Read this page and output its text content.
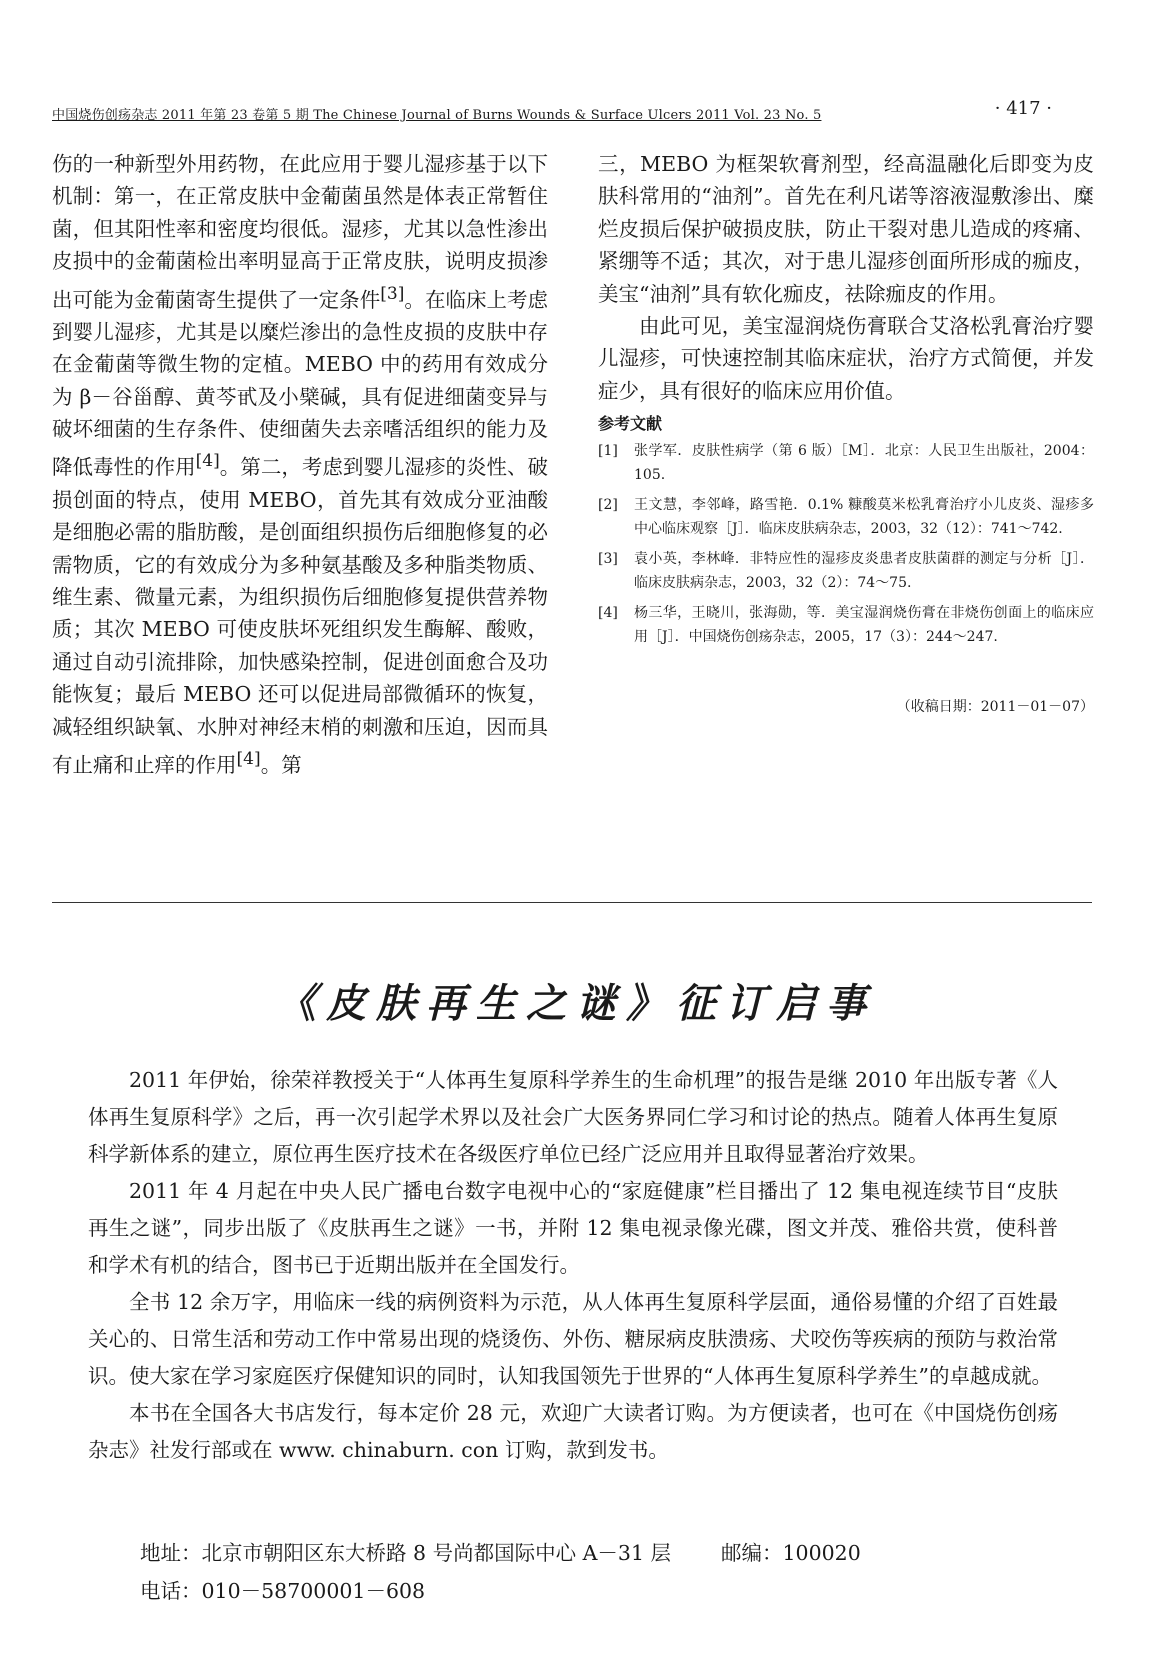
中国烧伤创疡杂志 2011 年第 23 卷第 5 期 The Chinese Journal of Burns Wounds & Surface Ulcers 2011 Vol. 23 No. 5	· 417 ·

伤的一种新型外用药物，在此应用于婴儿湿疹基于以下机制：第一，在正常皮肤中金葡菌虽然是体表正常暂住菌，但其阳性率和密度均很低。湿疹，尤其以急性渗出皮损中的金葡菌检出率明显高于正常皮肤，说明皮损渗出可能为金葡菌寄生提供了一定条件[3]。在临床上考虑到婴儿湿疹，尤其是以糜烂渗出的急性皮损的皮肤中存在金葡菌等微生物的定植。MEBO 中的药用有效成分为 β－谷甾醇、黄芩甙及小檗碱，具有促进细菌变异与破坏细菌的生存条件、使细菌失去亲嗜活组织的能力及降低毒性的作用[4]。第二，考虑到婴儿湿疹的炎性、破损创面的特点，使用 MEBO，首先其有效成分亚油酸是细胞必需的脂肪酸，是创面组织损伤后细胞修复的必需物质，它的有效成分为多种氨基酸及多种脂类物质、维生素、微量元素，为组织损伤后细胞修复提供营养物质；其次 MEBO 可使皮肤坏死组织发生酶解、酸败，通过自动引流排除，加快感染控制，促进创面愈合及功能恢复；最后 MEBO 还可以促进局部微循环的恢复，减轻组织缺氧、水肿对神经末梢的刺激和压迫，因而具有止痛和止痒的作用[4]。第

三，MEBO 为框架软膏剂型，经高温融化后即变为皮肤科常用的“油剂”。首先在利凡诺等溶液湿敷渗出、糜烂皮损后保护破损皮肤，防止干裂对患儿造成的疼痛、紧绷等不适；其次，对于患儿湿疹创面所形成的痂皮，美宝“油剂”具有软化痂皮，祛除痂皮的作用。

由此可见，美宝湿润烧伤膏联合艾洛松乳膏治疗婴儿湿疹，可快速控制其临床症状，治疗方式简便，并发症少，具有很好的临床应用价值。

参考文献
[1]	张学军．皮肤性病学（第 6 版）［M］．北京：人民卫生出版社，2004：105.
[2]	王文慧，李邻峰，路雪艳．0.1% 糠酸莫米松乳膏治疗小儿皮炎、湿疹多中心临床观察［J］．临床皮肤病杂志，2003，32（12）：741～742.
[3]	袁小英，李林峰．非特应性的湿疹皮炎患者皮肤菌群的测定与分析［J］．临床皮肤病杂志，2003，32（2）：74～75.
[4]	杨三华，王晓川，张海勋，等．美宝湿润烧伤膏在非烧伤创面上的临床应用［J］．中国烧伤创疡杂志，2005，17（3）：244～247.
（收稿日期：2011－01－07）
《皮肤再生之谜》征订启事

2011 年伊始，徐荣祥教授关于“人体再生复原科学养生的生命机理”的报告是继 2010 年出版专著《人体再生复原科学》之后，再一次引起学术界以及社会广大医务界同仁学习和讨论的热点。随着人体再生复原科学新体系的建立，原位再生医疗技术在各级医疗单位已经广泛应用并且取得显著治疗效果。

2011 年 4 月起在中央人民广播电台数字电视中心的“家庭健康”栏目播出了 12 集电视连续节目“皮肤再生之谜”，同步出版了《皮肤再生之谜》一书，并附 12 集电视录像光碟，图文并茂、雅俗共赏，使科普和学术有机的结合，图书已于近期出版并在全国发行。

全书 12 余万字，用临床一线的病例资料为示范，从人体再生复原科学层面，通俗易懂的介绍了百姓最关心的、日常生活和劳动工作中常易出现的烧烫伤、外伤、糖尿病皮肤溃疡、犬咬伤等疾病的预防与救治常识。使大家在学习家庭医疗保健知识的同时，认知我国领先于世界的“人体再生复原科学养生”的卓越成就。

本书在全国各大书店发行，每本定价 28 元，欢迎广大读者订购。为方便读者，也可在《中国烧伤创疡杂志》社发行部或在 www. chinaburn. con 订购，款到发书。

地址：北京市朝阳区东大桥路 8 号尚都国际中心 A－31 层 邮编：100020
电话：010－58700001－608
